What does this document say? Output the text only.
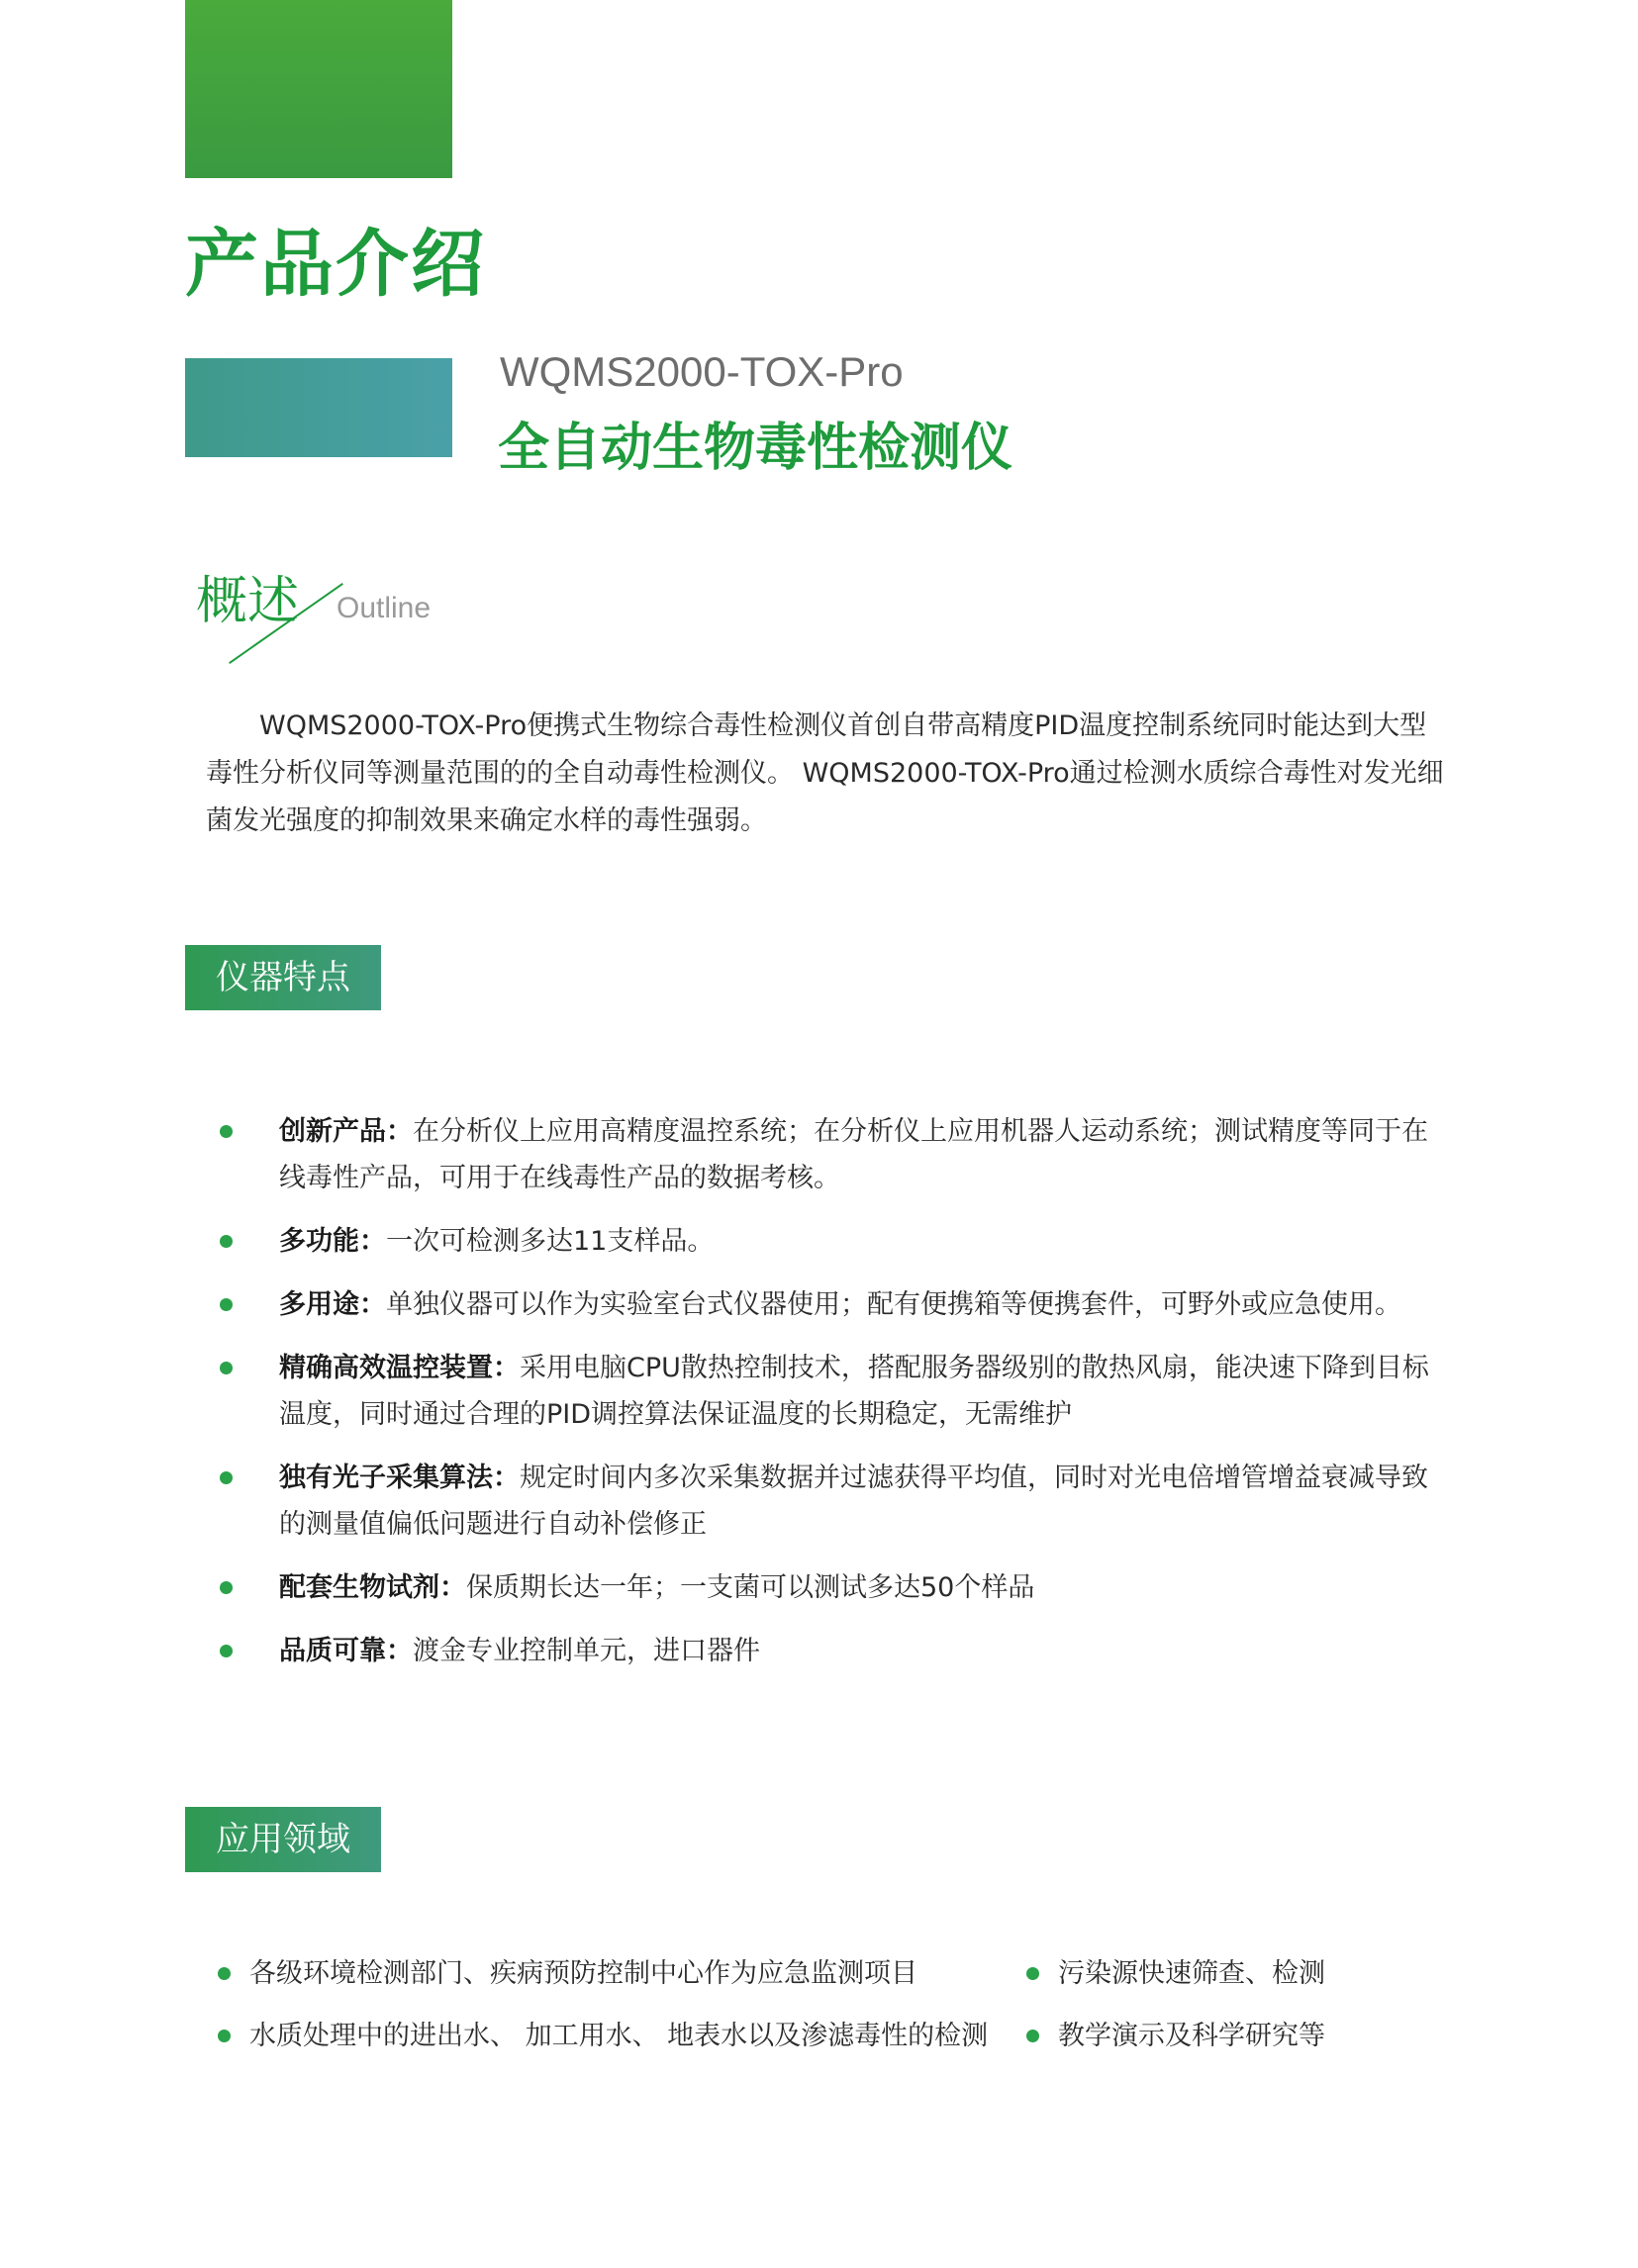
产品介绍
WQMS2000-TOX-Pro
全自动生物毒性检测仪
概述 Outline

WQMS2000-TOX-Pro便携式生物综合毒性检测仪首创自带高精度PID温度控制系统同时能达到大型毒性分析仪同等测量范围的的全自动毒性检测仪。 WQMS2000-TOX-Pro通过检测水质综合毒性对发光细菌发光强度的抑制效果来确定水样的毒性强弱。

仪器特点
创新产品：在分析仪上应用高精度温控系统；在分析仪上应用机器人运动系统；测试精度等同于在线毒性产品，可用于在线毒性产品的数据考核。
多功能：一次可检测多达11支样品。
多用途：单独仪器可以作为实验室台式仪器使用；配有便携箱等便携套件，可野外或应急使用。
精确高效温控装置：采用电脑CPU散热控制技术，搭配服务器级别的散热风扇，能决速下降到目标温度，同时通过合理的PID调控算法保证温度的长期稳定，无需维护
独有光子采集算法：规定时间内多次采集数据并过滤获得平均值，同时对光电倍增管增益衰减导致的测量值偏低问题进行自动补偿修正
配套生物试剂：保质期长达一年；一支菌可以测试多达50个样品
品质可靠：渡金专业控制单元，进口器件
应用领域
各级环境检测部门、疾病预防控制中心作为应急监测项目
水质处理中的进出水、 加工用水、 地表水以及渗滤毒性的检测
污染源快速筛查、检测
教学演示及科学研究等
